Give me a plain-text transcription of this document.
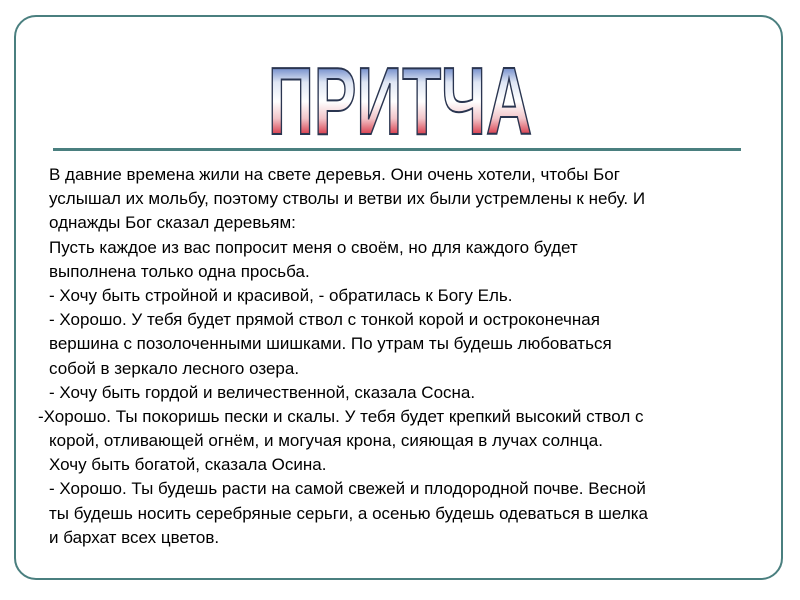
ПРИТЧА
В давние времена жили на свете деревья. Они очень хотели, чтобы Бог
услышал их мольбу, поэтому стволы и ветви их были устремлены к небу. И
однажды Бог сказал деревьям:
Пусть каждое из вас попросит меня о своём, но для каждого будет
выполнена только одна просьба.
- Хочу быть стройной и красивой, - обратилась к Богу Ель.
- Хорошо. У тебя будет прямой ствол с тонкой корой и остроконечная
вершина с позолоченными шишками. По утрам ты будешь любоваться
собой в зеркало лесного озера.
- Хочу быть гордой и величественной, сказала Сосна.
-Хорошо. Ты покоришь пески и скалы. У тебя будет крепкий высокий ствол с
корой, отливающей огнём, и могучая крона, сияющая в лучах солнца.
Хочу быть богатой, сказала Осина.
- Хорошо. Ты будешь расти на самой свежей и плодородной почве. Весной
ты будешь носить серебряные серьги, а осенью будешь одеваться в шелка
и бархат всех цветов.
